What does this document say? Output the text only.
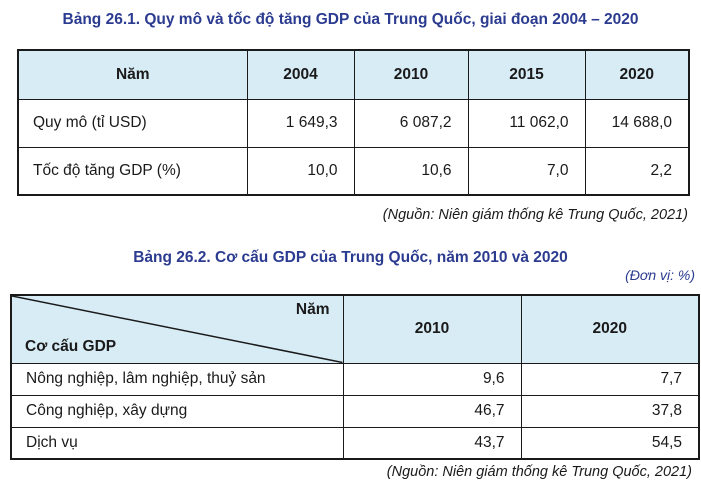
Bảng 26.1. Quy mô và tốc độ tăng GDP của Trung Quốc, giai đoạn 2004 – 2020
Năm	2004	2010	2015	2020
Quy mô (tỉ USD)	1 649,3	6 087,2	11 062,0	14 688,0
Tốc độ tăng GDP (%)	10,0	10,6	7,0	2,2
(Nguồn: Niên giám thống kê Trung Quốc, 2021)
Bảng 26.2. Cơ cấu GDP của Trung Quốc, năm 2010 và 2020
(Đơn vị: %)
Năm
Cơ cấu GDP	2010	2020
Nông nghiệp, lâm nghiệp, thuỷ sản	9,6	7,7
Công nghiệp, xây dựng	46,7	37,8
Dịch vụ	43,7	54,5
(Nguồn: Niên giám thống kê Trung Quốc, 2021)
